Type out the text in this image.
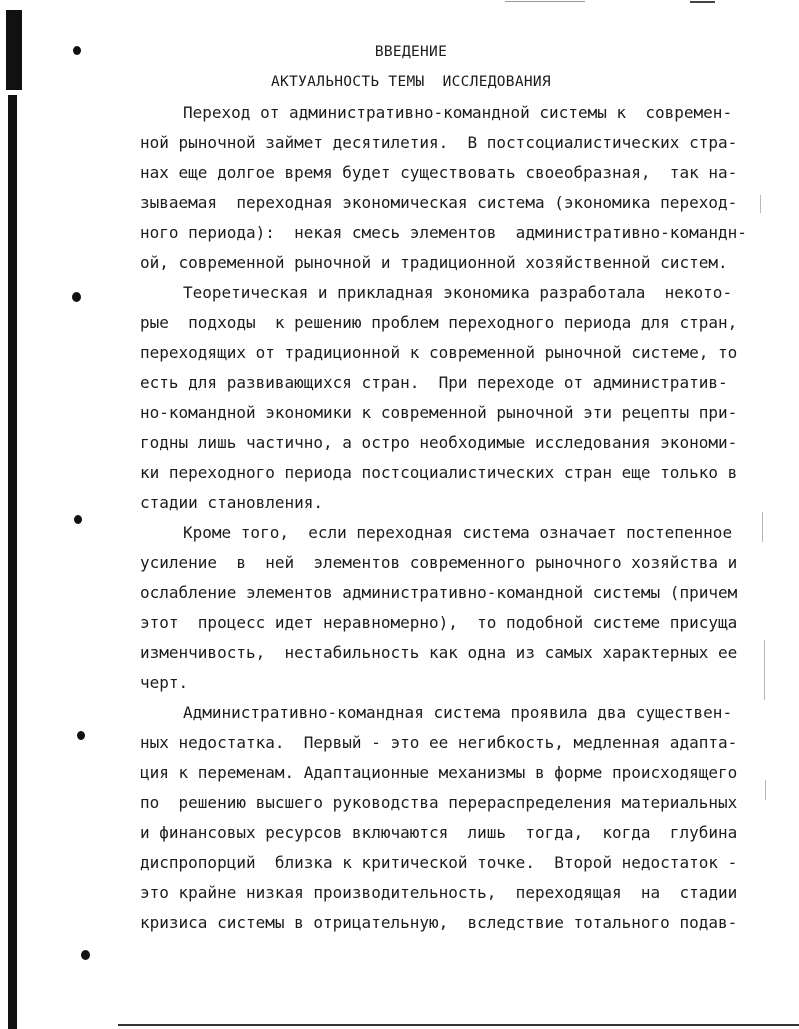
ВВЕДЕНИЕ
АКТУАЛЬНОСТЬ ТЕМЫ  ИССЛЕДОВАНИЯ
Переход от административно-командной системы к  современ-
ной рыночной займет десятилетия.  В постсоциалистических стра-
нах еще долгое время будет существовать своеобразная,  так на-
зываемая  переходная экономическая система (экономика переход-
ного периода):  некая смесь элементов  административно-командн-
ой, современной рыночной и традиционной хозяйственной систем.
Теоретическая и прикладная экономика разработала  некото-
рые  подходы  к решению проблем переходного периода для стран,
переходящих от традиционной к современной рыночной системе, то
есть для развивающихся стран.  При переходе от административ-
но-командной экономики к современной рыночной эти рецепты при-
годны лишь частично, а остро необходимые исследования экономи-
ки переходного периода постсоциалистических стран еще только в
стадии становления.
Кроме того,  если переходная система означает постепенное
усиление  в  ней  элементов современного рыночного хозяйства и
ослабление элементов административно-командной системы (причем
этот  процесс идет неравномерно),  то подобной системе присуща
изменчивость,  нестабильность как одна из самых характерных ее
черт.
Административно-командная система проявила два существен-
ных недостатка.  Первый - это ее негибкость, медленная адапта-
ция к переменам. Адаптационные механизмы в форме происходящего
по  решению высшего руководства перераспределения материальных
и финансовых ресурсов включаются  лишь  тогда,  когда  глубина
диспропорций  близка к критической точке.  Второй недостаток -
это крайне низкая производительность,  переходящая  на  стадии
кризиса системы в отрицательную,  вследствие тотального подав-
